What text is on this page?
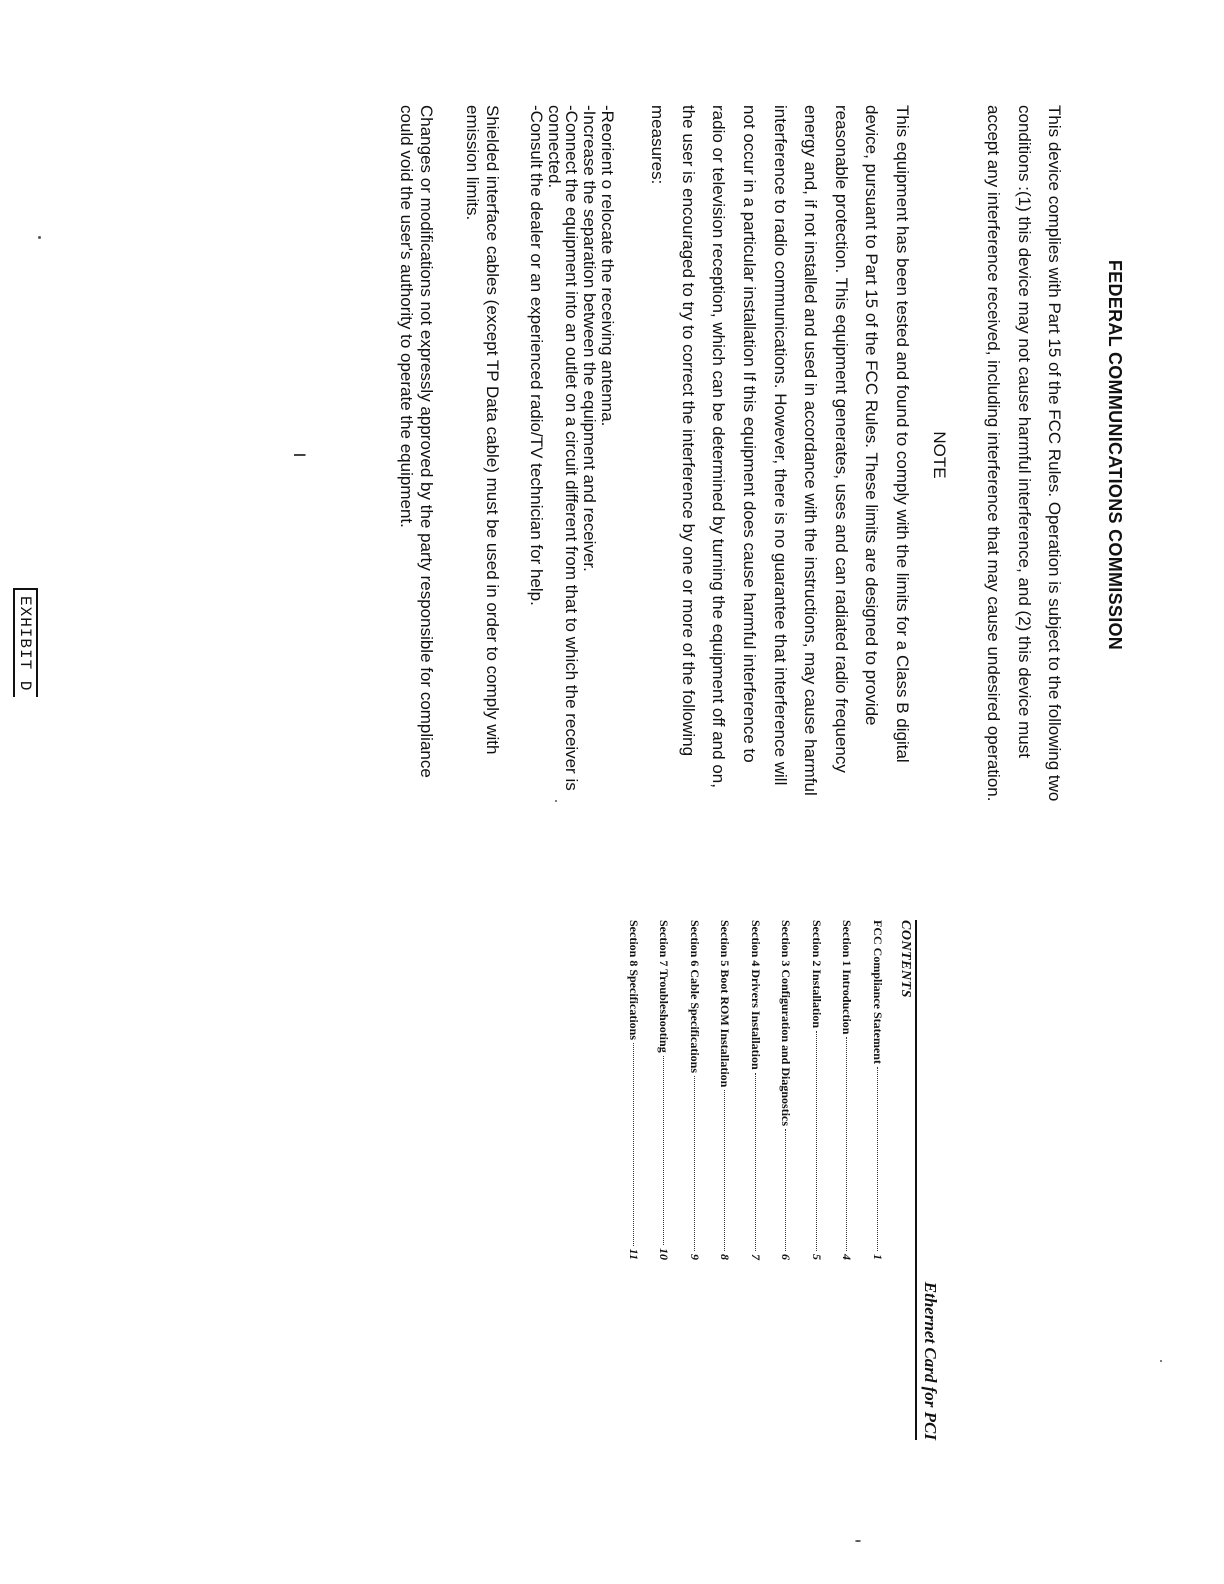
FEDERAL COMMUNICATIONS COMMISSION

This device complies with Part 15 of the FCC Rules. Operation is subject to the following two conditions :(1) this device may not cause harmful interference, and (2) this device must accept any interference received, including interference that may cause undesired operation.

NOTE

This equipment has been tested and found to comply with the limits for a Class B digital device, pursuant to Part 15 of the FCC Rules. These limits are designed to provide reasonable protection. This equipment generates, uses and can radiated radio frequency energy and, if not installed and used in accordance with the instructions, may cause harmful interference to radio communications. However, there is no guarantee that interference will not occur in a particular installation If this equipment does cause harmful interference to radio or television reception, which can be determined by turning the equipment off and on, the user is encouraged to try to correct the interference by one or more of the following measures:

-Reorient o relocate the receiving antenna.
-Increase the separation between the equipment and receiver.
-Connect the equipment into an outlet on a circuit different from that to which the receiver is connected.
-Consult the dealer or an experienced radio/TV technician for help.

Shielded interface cables (except TP Data cable) must be used in order to comply with emission limits.

Changes or modifications not expressly approved by the party responsible for compliance could void the user's authority to operate the equipment.

I
Ethernet Card for PCI
CONTENTS
FCC Compliance Statement
1
Section 1 Introduction
4
Section 2 Installation
5
Section 3 Configuration and Diagnostics
6
Section 4 Drivers Installation
7
Section 5 Boot ROM Installation
8
Section 6 Cable Specifications
9
Section 7 Troubleshooting
10
Section 8 Specifications
11
EXHIBIT D
